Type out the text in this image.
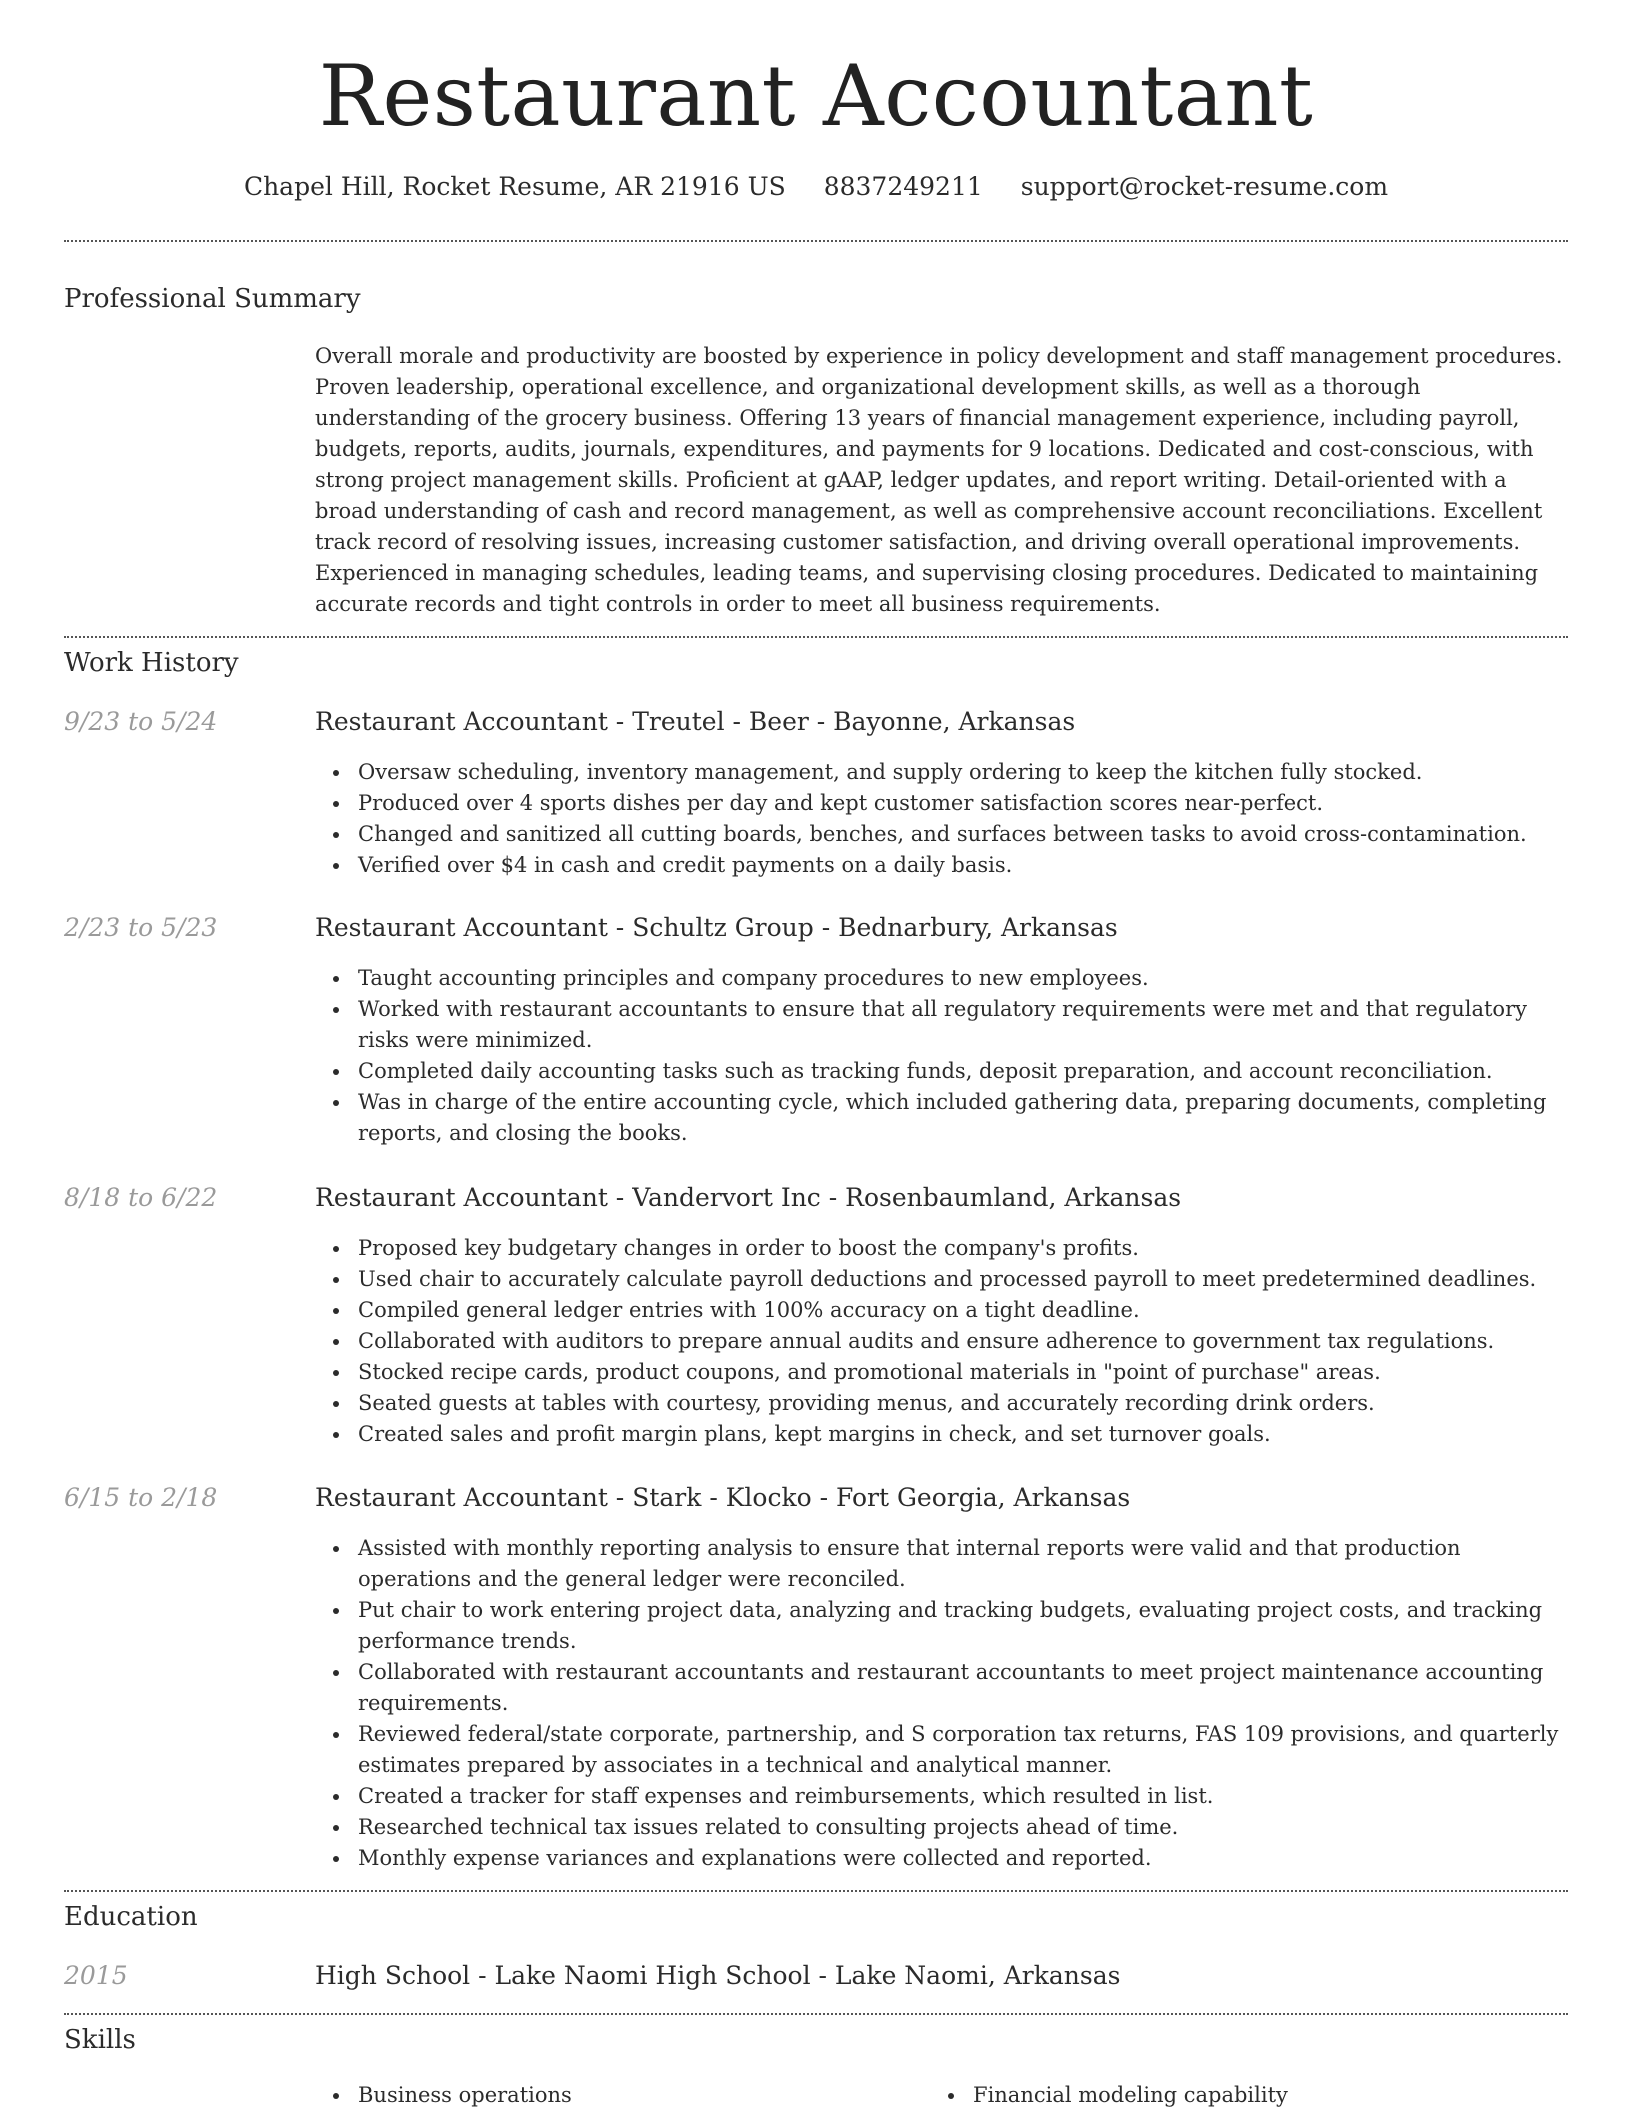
Restaurant Accountant
Chapel Hill, Rocket Resume, AR 21916 US 8837249211 support@rocket-resume.com
Professional Summary
Overall morale and productivity are boosted by experience in policy development and staff management procedures. Proven leadership, operational excellence, and organizational development skills, as well as a thorough understanding of the grocery business. Offering 13 years of financial management experience, including payroll, budgets, reports, audits, journals, expenditures, and payments for 9 locations. Dedicated and cost-conscious, with strong project management skills. Proficient at gAAP, ledger updates, and report writing. Detail-oriented with a broad understanding of cash and record management, as well as comprehensive account reconciliations. Excellent track record of resolving issues, increasing customer satisfaction, and driving overall operational improvements. Experienced in managing schedules, leading teams, and supervising closing procedures. Dedicated to maintaining accurate records and tight controls in order to meet all business requirements.
Work History
9/23 to 5/24	Restaurant Accountant - Treutel - Beer - Bayonne, Arkansas
Oversaw scheduling, inventory management, and supply ordering to keep the kitchen fully stocked.
Produced over 4 sports dishes per day and kept customer satisfaction scores near-perfect.
Changed and sanitized all cutting boards, benches, and surfaces between tasks to avoid cross-contamination.
Verified over $4 in cash and credit payments on a daily basis.
2/23 to 5/23	Restaurant Accountant - Schultz Group - Bednarbury, Arkansas
Taught accounting principles and company procedures to new employees.
Worked with restaurant accountants to ensure that all regulatory requirements were met and that regulatory risks were minimized.
Completed daily accounting tasks such as tracking funds, deposit preparation, and account reconciliation.
Was in charge of the entire accounting cycle, which included gathering data, preparing documents, completing reports, and closing the books.
8/18 to 6/22	Restaurant Accountant - Vandervort Inc - Rosenbaumland, Arkansas
Proposed key budgetary changes in order to boost the company's profits.
Used chair to accurately calculate payroll deductions and processed payroll to meet predetermined deadlines.
Compiled general ledger entries with 100% accuracy on a tight deadline.
Collaborated with auditors to prepare annual audits and ensure adherence to government tax regulations.
Stocked recipe cards, product coupons, and promotional materials in "point of purchase" areas.
Seated guests at tables with courtesy, providing menus, and accurately recording drink orders.
Created sales and profit margin plans, kept margins in check, and set turnover goals.
6/15 to 2/18	Restaurant Accountant - Stark - Klocko - Fort Georgia, Arkansas
Assisted with monthly reporting analysis to ensure that internal reports were valid and that production operations and the general ledger were reconciled.
Put chair to work entering project data, analyzing and tracking budgets, evaluating project costs, and tracking performance trends.
Collaborated with restaurant accountants and restaurant accountants to meet project maintenance accounting requirements.
Reviewed federal/state corporate, partnership, and S corporation tax returns, FAS 109 provisions, and quarterly estimates prepared by associates in a technical and analytical manner.
Created a tracker for staff expenses and reimbursements, which resulted in list.
Researched technical tax issues related to consulting projects ahead of time.
Monthly expense variances and explanations were collected and reported.
Education
2015	High School - Lake Naomi High School - Lake Naomi, Arkansas
Skills
Business operations	Financial modeling capability
